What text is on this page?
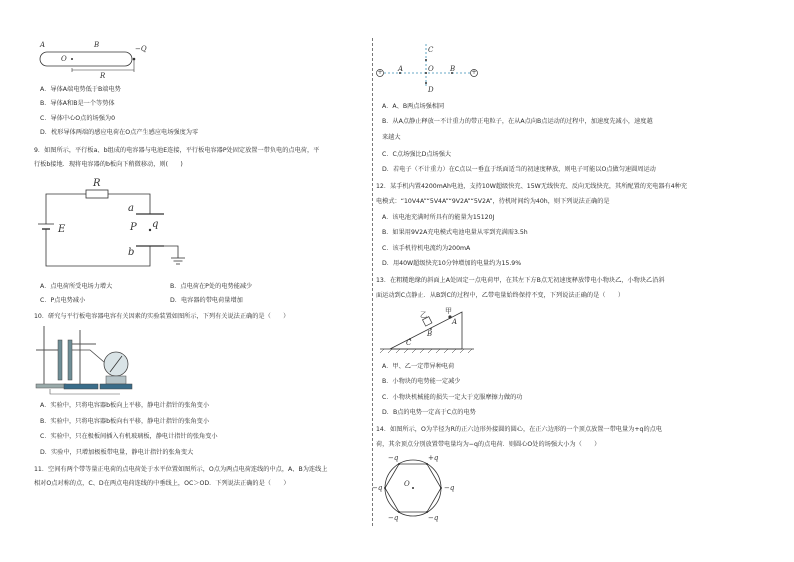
A	B
O
R
−Q
A．导体A端电势低于B端电势
B．导体A和B是一个等势体
C．导体中心O点的场强为0
D．枕形导体两端的感应电荷在O点产生感应电场强度为零
9．如图所示，平行板a、b组成的电容器与电池E连接，平行板电容器P处固定放置一带负电的点电荷，平
行板b接地．现将电容器的b板向下稍微移动，则(　　)
R
a
b
P q
E
A．点电荷所受电场力增大	B．点电荷在P处的电势能减少
C．P点电势减小	D．电容器的带电荷量增加
10．研究与平行板电容器电容有关因素的实验装置如图所示，下列有关说法正确的是（　　）
A．实验中，只将电容器b板向上平移，静电计指针的张角变小
B．实验中，只将电容器b板向右平移，静电计指针的张角变小
C．实验中，只在极板间插入有机玻璃板，静电计指针的张角变小
D．实验中，只增加极板带电量，静电计指针的张角变大
11．空间有两个带等量正电荷的点电荷处于水平位置如图所示，O点为两点电荷连线的中点，A、B为连线上
相对O点对称的点，C、D在两点电荷连线的中垂线上，OC＞OD．下列说法正确的是（　　）
+	+
A	B
O
C
D
A．A、B两点场强相同
B．从A点静止释放一不计重力的带正电粒子，在从A点向B点运动的过程中，加速度先减小，速度越
来越大
C．C点场强比D点场强大
D．若电子（不计重力）在C点以一垂直于纸面适当的初速度释放，则电子可能以O点做匀速圆周运动
12．某手机内置4200mAh电池，支持10W超级快充、15W无线快充、反向无线快充，其所配置的充电器有4种充
电模式：“10V4A”“5V4A”“9V2A”“5V2A”，待机时间约为40h，则下列说法正确的是
A．该电池充满时所具有的能量为15120J
B．如果用9V2A充电模式电池电量从零到充满需3.5h
C．该手机待机电流约为200mA
D．用40W超级快充10分钟增加的电量约为15.9%
13．在粗糙绝缘的斜面上A处固定一点电荷甲，在其左下方B点无初速度释放带电小物块乙，小物块乙沿斜
面运动到C点静止．从B到C的过程中，乙带电量始终保持不变，下列说法正确的是（　　）
甲
乙
A
B
C
A．甲、乙一定带异种电荷
B．小物块的电势能一定减少
C．小物块机械能的损失一定大于克服摩擦力做的功
D．B点的电势一定高于C点的电势
14．如图所示，O为半径为R的正六边形外接圆的圆心，在正六边形的一个顶点放置一带电量为+q的点电
荷，其余顶点分别放置带电量均为−q的点电荷．则圆心O处的场强大小为（　　）
O
−q	+q
−q
−q
−q
−q
